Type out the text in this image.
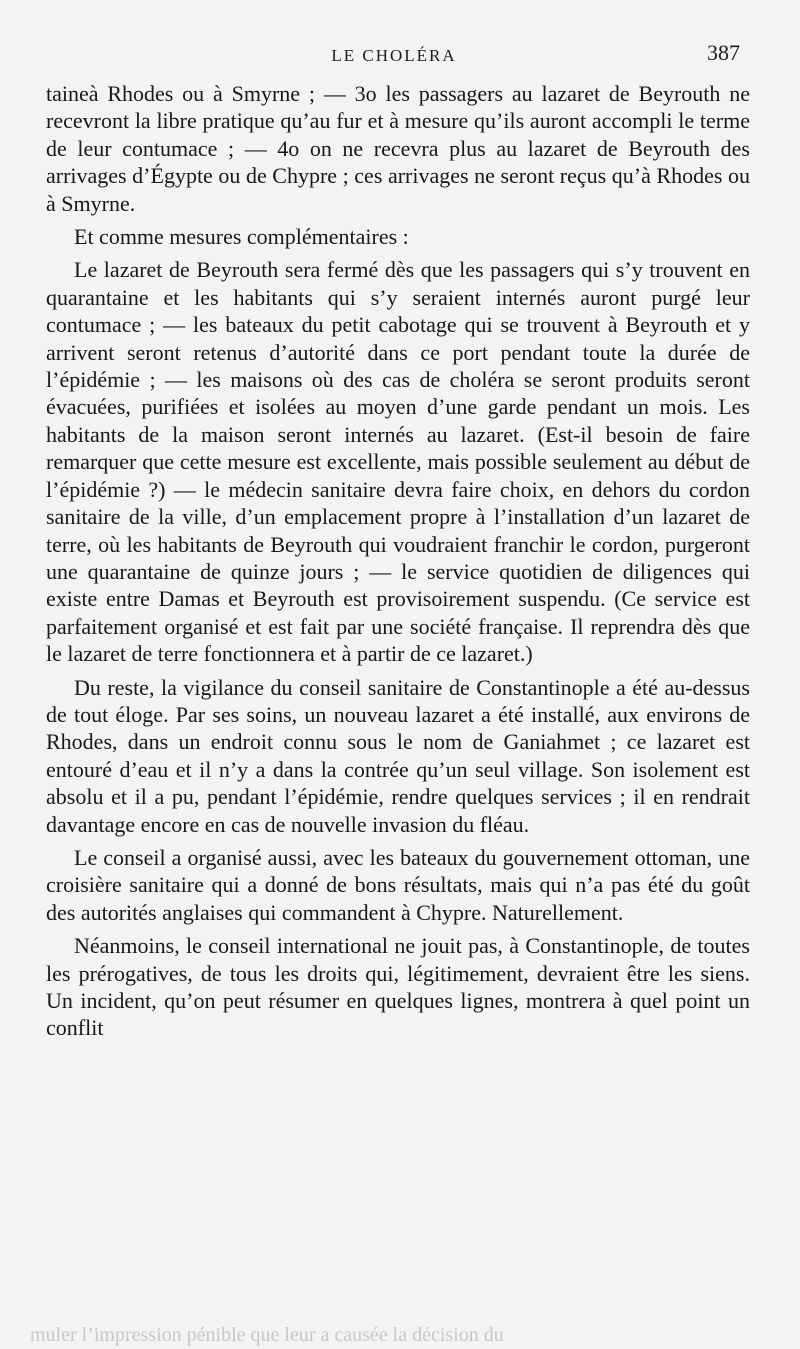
LE CHOLÉRA	387

taineà Rhodes ou à Smyrne ; — 3o les passagers au lazaret de Beyrouth ne recevront la libre pratique qu’au fur et à mesure qu’ils auront accompli le terme de leur contumace ; — 4o on ne recevra plus au lazaret de Beyrouth des arrivages d’Égypte ou de Chypre ; ces arrivages ne seront reçus qu’à Rhodes ou à Smyrne.

Et comme mesures complémentaires :

Le lazaret de Beyrouth sera fermé dès que les passagers qui s’y trouvent en quarantaine et les habitants qui s’y seraient internés auront purgé leur contumace ; — les bateaux du petit cabotage qui se trouvent à Beyrouth et y arrivent seront retenus d’autorité dans ce port pendant toute la durée de l’épidémie ; — les maisons où des cas de choléra se seront produits seront évacuées, purifiées et isolées au moyen d’une garde pendant un mois. Les habitants de la maison seront internés au lazaret. (Est-il besoin de faire remarquer que cette mesure est excellente, mais possible seulement au début de l’épidémie ?) — le médecin sanitaire devra faire choix, en dehors du cordon sanitaire de la ville, d’un emplacement propre à l’installation d’un lazaret de terre, où les habitants de Beyrouth qui voudraient franchir le cordon, purgeront une quarantaine de quinze jours ; — le service quotidien de diligences qui existe entre Damas et Beyrouth est provisoirement suspendu. (Ce service est parfaitement organisé et est fait par une société française. Il reprendra dès que le lazaret de terre fonctionnera et à partir de ce lazaret.)

Du reste, la vigilance du conseil sanitaire de Constantinople a été au-dessus de tout éloge. Par ses soins, un nouveau lazaret a été installé, aux environs de Rhodes, dans un endroit connu sous le nom de Ganiahmet ; ce lazaret est entouré d’eau et il n’y a dans la contrée qu’un seul village. Son isolement est absolu et il a pu, pendant l’épidémie, rendre quelques services ; il en rendrait davantage encore en cas de nouvelle invasion du fléau.

Le conseil a organisé aussi, avec les bateaux du gouvernement ottoman, une croisière sanitaire qui a donné de bons résultats, mais qui n’a pas été du goût des autorités anglaises qui commandent à Chypre. Naturellement.

Néanmoins, le conseil international ne jouit pas, à Constantinople, de toutes les prérogatives, de tous les droits qui, légitimement, devraient être les siens. Un incident, qu’on peut résumer en quelques lignes, montrera à quel point un conflit

muler l’impression pénible que leur a causée la décision du
